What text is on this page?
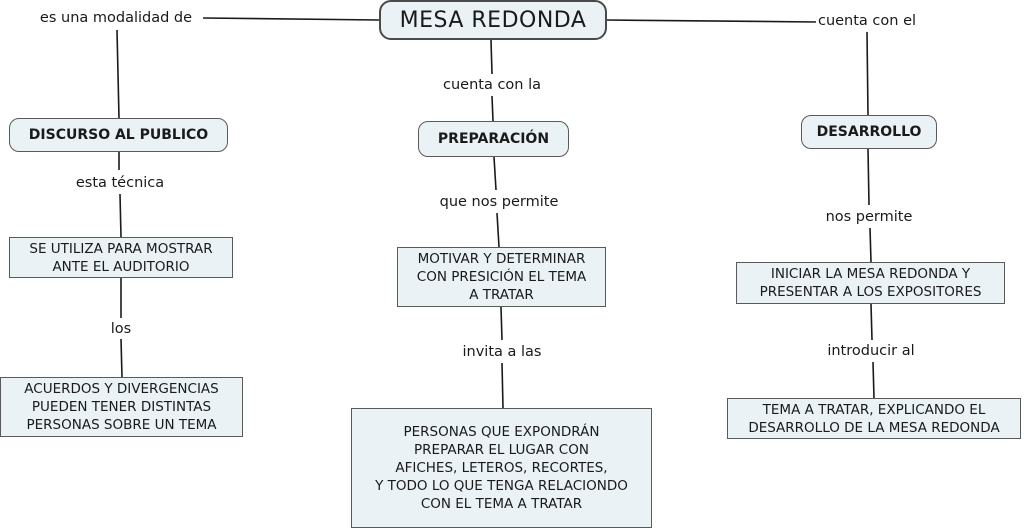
MESA REDONDA
es una modalidad de
DISCURSO AL PUBLICO
esta técnica
SE UTILIZA PARA MOSTRAR
ANTE EL AUDITORIO
los
ACUERDOS Y DIVERGENCIAS
PUEDEN TENER DISTINTAS
PERSONAS SOBRE UN TEMA
cuenta con la
PREPARACIÓN
que nos permite
MOTIVAR Y DETERMINAR
CON PRESICIÓN EL TEMA
A TRATAR
invita a las
PERSONAS QUE EXPONDRÁN
PREPARAR EL LUGAR CON
AFICHES, LETEROS, RECORTES,
Y TODO LO QUE TENGA RELACIONDO
CON EL TEMA A TRATAR
cuenta con el
DESARROLLO
nos permite
INICIAR LA MESA REDONDA Y
PRESENTAR A LOS EXPOSITORES
introducir al
TEMA A TRATAR, EXPLICANDO EL
DESARROLLO DE LA MESA REDONDA
